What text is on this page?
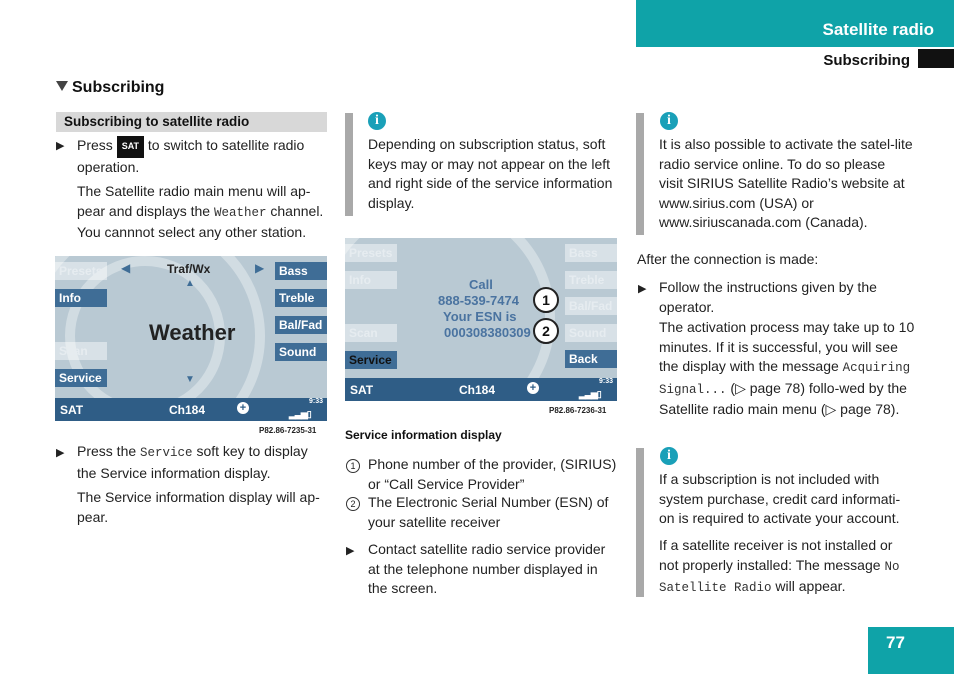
Satellite radio
Subscribing
Subscribing
Subscribing to satellite radio
▶ Press SAT to switch to satellite radio operation.
The Satellite radio main menu will ap-pear and displays the Weather channel. You cannnot select any other station.
Presets
Info
Scan
Service
Bass
Treble
Bal/Fad
Sound
◀	▶
Traf/Wx
▲
Weather
▼
SAT	Ch184	+
9:33
▂▃▅▯
P82.86-7235-31
▶ Press the Service soft key to display the Service information display.
The Service information display will ap-pear.
i
Depending on subscription status, soft keys may or may not appear on the left and right side of the service information display.
Presets
Info
Scan
Service
Bass
Treble
Bal/Fad
Sound
Back
Call
888-539-7474
Your ESN is
000308380309
1
2
SAT	Ch184	+
9:33
▂▃▅▯
P82.86-7236-31
Service information display
1 Phone number of the provider, (SIRIUS) or “Call Service Provider”
2 The Electronic Serial Number (ESN) of your satellite receiver
▶ Contact satellite radio service provider at the telephone number displayed in the screen.
i
It is also possible to activate the satel-lite radio service online. To do so please visit SIRIUS Satellite Radio’s website at www.sirius.com (USA) or www.siriuscanada.com (Canada).
After the connection is made:
▶ Follow the instructions given by the operator.
The activation process may take up to 10 minutes. If it is successful, you will see the display with the message Acquiring Signal... (▷ page 78) follo-wed by the Satellite radio main menu (▷ page 78).
i
If a subscription is not included with system purchase, credit card informati-on is required to activate your account.
If a satellite receiver is not installed or not properly installed: The message No Satellite Radio will appear.
77
